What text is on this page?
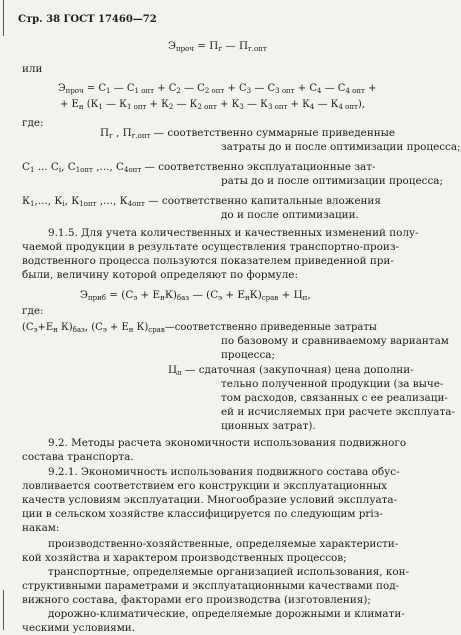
Стр. 38 ГОСТ 17460—72
$Э_{проч} = П_г$ — $П_{г.опт}$
или
$Э_{проч} = С_1$ — $С_{1 опт} + С_2$ — $С_{2 опт} + С_3$ — $С_{3 опт} + С_4$ — $С_{4 опт}$ +
+ $Е_н$ ($К_1$ — $К_{1 опт} + К_2$ — $К_{2 опт} + К_3$ — $К_{3 опт} + К_4$ — $К_{4 опт}$),
где:
$П_г$ , $П_{г.опт}$ — соответственно суммарные приведенные
затраты до и после оптимизации процесса;
$С_1$ ... $С_i$, $С_{1опт}$ ,..., $С_{4опт}$ — соответственно эксплуатационные зат-
раты до и после оптимизации процесса;
$К_1$,..., $К_i$, $К_{1опт}$ ,..., $К_{4опт}$ — соответственно капитальные вложения
до и после оптимизации.
9.1.5. Для учета количественных и качественных изменений полу-
чаемой продукции в результате осуществления транспортно-произ-
водственного процесса пользуются показателем приведенной при-
были, величину которой определяют по формуле:
$Э_{приб} = (С_э + Е_нК)_{баз}$ — $(С_э + Е_нК)_{срав} + Ц_п$,
где:
($С_э+Е_н$ $К)_{баз}$, ($С_э + Е_н$ $К)_{срав}—соответственно$ приведенные затраты
по базовому и сравниваемому вариантам
процесса;
$Ц_п$ — сдаточная (закупочная) цена дополни-
тельно полученной продукции (за выче-
том расходов, связанных с ее реализаци-
ей и исчисляемых при расчете эксплуата-
ционных затрат).
9.2. Методы расчета экономичности использования подвижного
состава транспорта.
9.2.1. Экономичность использования подвижного состава обус-
ловливается соответствием его конструкции и эксплуатационных
качеств условиям эксплуатации. Многообразие условий эксплуата-
ции в сельском хозяйстве классифицируется по следующим priз-
накам:
производственно-хозяйственные, определяемые характеристи-
кой хозяйства и характером производственных процессов;
транспортные, определяемые организацией использования, кон-
структивными параметрами и эксплуатационными качествами под-
вижного состава, факторами его производства (изготовления);
дорожно-климатические, определяемые дорожными и климати-
ческими условиями.
